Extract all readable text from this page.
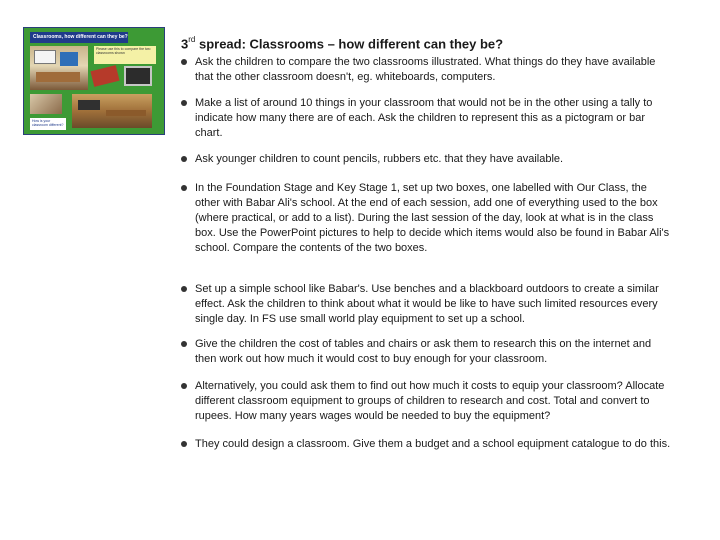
Classrooms, how different can they be?
Please use this to compare the two classrooms shown
How is your classroom different?
3rd spread: Classrooms – how different can they be?
Ask the children to compare the two classrooms illustrated. What things do they have available that the other classroom doesn't, eg. whiteboards, computers.
Make a list of around 10 things in your classroom that would not be in the other using a tally to indicate how many there are of each. Ask the children to represent this as a pictogram or bar chart.
Ask younger children to count pencils, rubbers etc. that they have available.
In the Foundation Stage and Key Stage 1, set up two boxes, one labelled with Our Class, the other with Babar Ali's school. At the end of each session, add one of everything used to the box (where practical, or add to a list). During the last session of the day, look at what is in the class box. Use the PowerPoint pictures to help to decide which items would also be found in Babar Ali's school. Compare the contents of the two boxes.
Set up a simple school like Babar's. Use benches and a blackboard outdoors to create a similar effect. Ask the children to think about what it would be like to have such limited resources every single day. In FS use small world play equipment to set up a school.
Give the children the cost of tables and chairs or ask them to research this on the internet and then work out how much it would cost to buy enough for your classroom.
Alternatively, you could ask them to find out how much it costs to equip your classroom? Allocate different classroom equipment to groups of children to research and cost. Total and convert to rupees. How many years wages would be needed to buy the equipment?
They could design a classroom. Give them a budget and a school equipment catalogue to do this.
